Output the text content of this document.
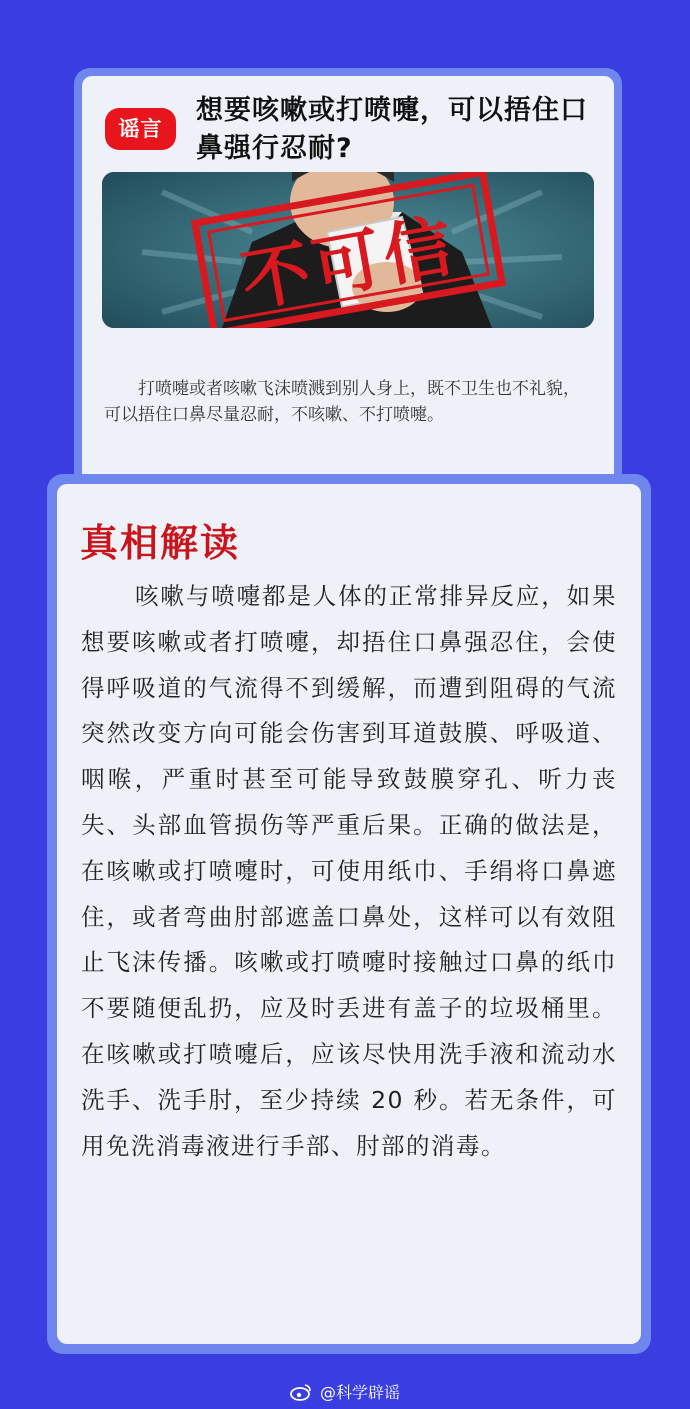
谣言
想要咳嗽或打喷嚏，可以捂住口鼻强行忍耐?
不可信
打喷嚏或者咳嗽飞沫喷溅到别人身上，既不卫生也不礼貌，可以捂住口鼻尽量忍耐，不咳嗽、不打喷嚏。
真相解读
咳嗽与喷嚏都是人体的正常排异反应，如果想要咳嗽或者打喷嚏，却捂住口鼻强忍住，会使得呼吸道的气流得不到缓解，而遭到阻碍的气流突然改变方向可能会伤害到耳道鼓膜、呼吸道、咽喉，严重时甚至可能导致鼓膜穿孔、听力丧失、头部血管损伤等严重后果。正确的做法是，在咳嗽或打喷嚏时，可使用纸巾、手绢将口鼻遮住，或者弯曲肘部遮盖口鼻处，这样可以有效阻止飞沫传播。咳嗽或打喷嚏时接触过口鼻的纸巾不要随便乱扔，应及时丢进有盖子的垃圾桶里。在咳嗽或打喷嚏后，应该尽快用洗手液和流动水洗手、洗手肘，至少持续 20 秒。若无条件，可用免洗消毒液进行手部、肘部的消毒。
@科学辟谣
